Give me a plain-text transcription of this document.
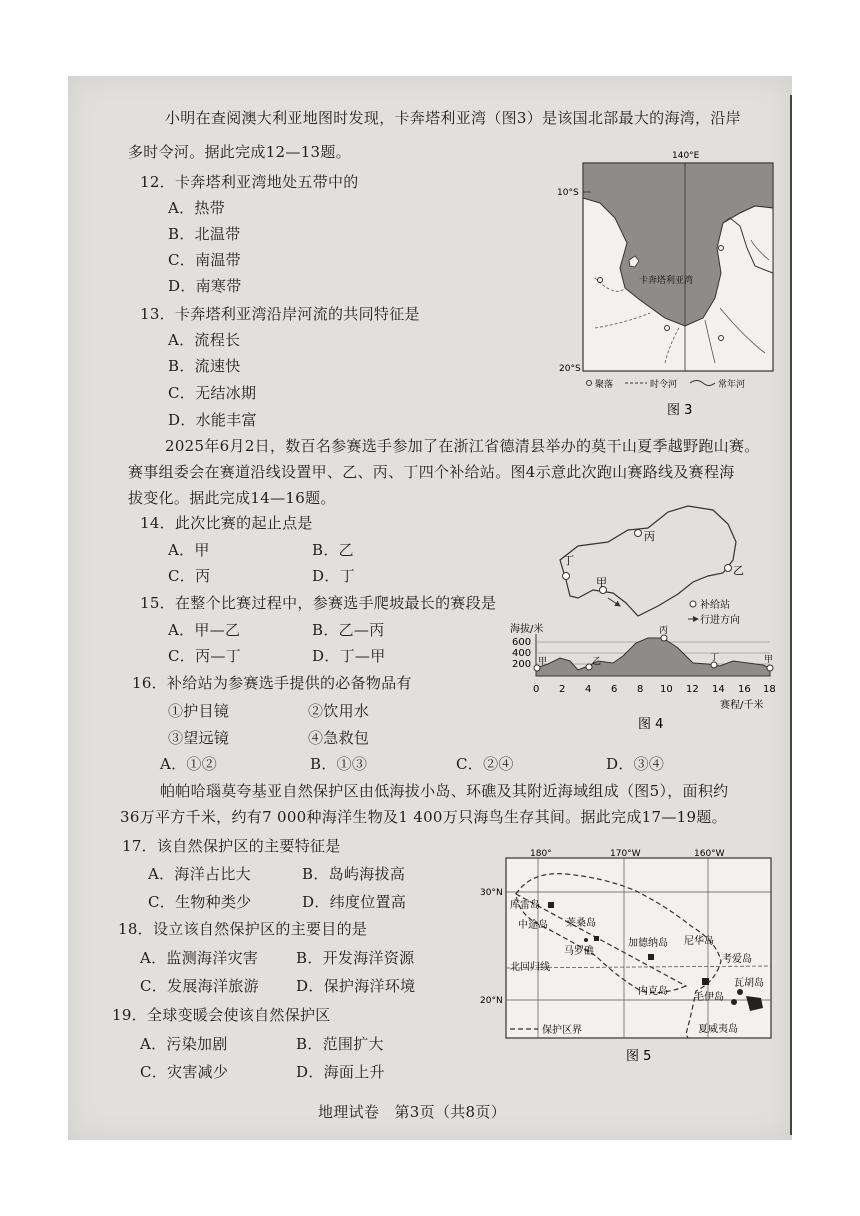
小明在查阅澳大利亚地图时发现，卡奔塔利亚湾（图3）是该国北部最大的海湾，沿岸
多时令河。据此完成12—13题。
12．卡奔塔利亚湾地处五带中的
A．热带
B．北温带
C．南温带
D．南寒带
13．卡奔塔利亚湾沿岸河流的共同特征是
A．流程长
B．流速快
C．无结冰期
D．水能丰富
140°E
10°S
20°S
卡奔塔利亚湾
聚落	时令河	常年河
图 3
2025年6月2日，数百名参赛选手参加了在浙江省德清县举办的莫干山夏季越野跑山赛。
赛事组委会在赛道沿线设置甲、乙、丙、丁四个补给站。图4示意此次跑山赛路线及赛程海
拔变化。据此完成14—16题。
14．此次比赛的起止点是
A．甲	B．乙
C．丙	D．丁
15．在整个比赛过程中，参赛选手爬坡最长的赛段是
A．甲—乙	B．乙—丙
C．丙—丁	D．丁—甲
16．补给站为参赛选手提供的必备物品有
①护目镜	②饮用水
③望远镜	④急救包
A．①②	B．①③	C．②④	D．③④
丙
丁
乙
甲
补给站
行进方向
海拔/米
600
400
200 甲	乙
丙
丁	甲
0 2 4 6 8 10 12 14 16 18
赛程/千米
图 4
帕帕哈瑙莫夸基亚自然保护区由低海拔小岛、环礁及其附近海域组成（图5），面积约
36万平方千米，约有7 000种海洋生物及1 400万只海鸟生存其间。据此完成17—19题。
17．该自然保护区的主要特征是
A．海洋占比大	B．岛屿海拔高
C．生物种类少	D．纬度位置高
18．设立该自然保护区的主要目的是
A．监测海洋灾害	B．开发海洋资源
C．发展海洋旅游 D．保护海洋环境
19．全球变暖会使该自然保护区
A．污染加剧	B．范围扩大
C．灾害减少	D．海面上升
180°	170°W	160°W
30°N
20°N
库雷岛
中途岛 莱桑岛
马罗礁
加德纳岛 尼华岛
考爱岛
瓦胡岛
内克岛
毛伊岛
夏威夷岛
北回归线
保护区界
图 5
地理试卷　第3页（共8页）
